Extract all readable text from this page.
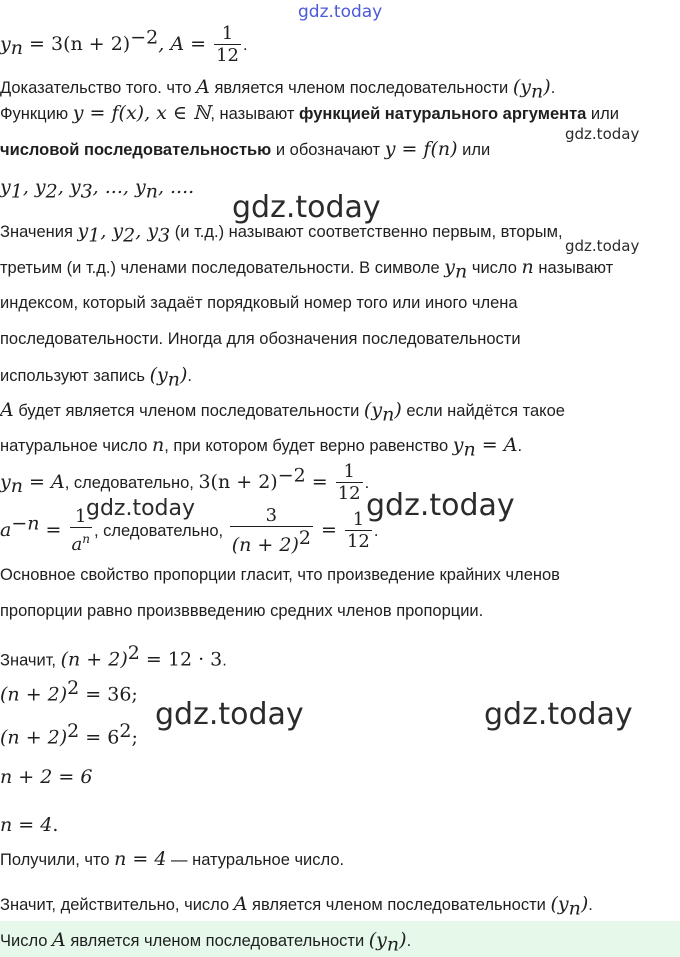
gdz.today
gdz.today
gdz.today
gdz.today
gdz.today	gdz.today
gdz.today	gdz.today
$y_n = 3(n + 2)^{-2}$, $A = \frac{1}{12}$ .
Доказательство того. что A является членом последовательности $(y_n)$.
Функцию y = f(x), x ∈ ℕ, называют функцией натурального аргумента или
числовой последовательностью и обозначают y = f(n) или
$y_1$, $y_2$, $y_3$, ..., $y_n$, ....
Значения $y_1$, $y_2$, $y_3$ (и т.д.) называют соответственно первым, вторым,
третьим (и т.д.) членами последовательности. В символе $y_n$ число n называют
индексом, который задаёт порядковый номер того или иного члена
последовательности. Иногда для обозначения последовательности
используют запись $(y_n)$.
A будет является членом последовательности $(y_n)$ если найдётся такое
натуральное число n, при котором будет верно равенство $y_n = A$.
$y_n = A$, следовательно, $3(n + 2)^{-2} = \frac{1}{12}$ .
$a^{-n} = \frac{1}{a^n}$ , следовательно, $\frac{3}{(n + 2)^2} = \frac{1}{12}$ .
Основное свойство пропорции гласит, что произведение крайних членов
пропорции равно произввведению средних членов пропорции.
Значит, $(n + 2)^2 = 12 \cdot 3$.
$(n + 2)^2 = 36$;
$(n + 2)^2 = 6^2$;
n + 2 = 6
n = 4.
Получили, что n = 4 — натуральное число.
Значит, действительно, число A является членом последовательности $(y_n)$.
Число A является членом последовательности $(y_n)$.
